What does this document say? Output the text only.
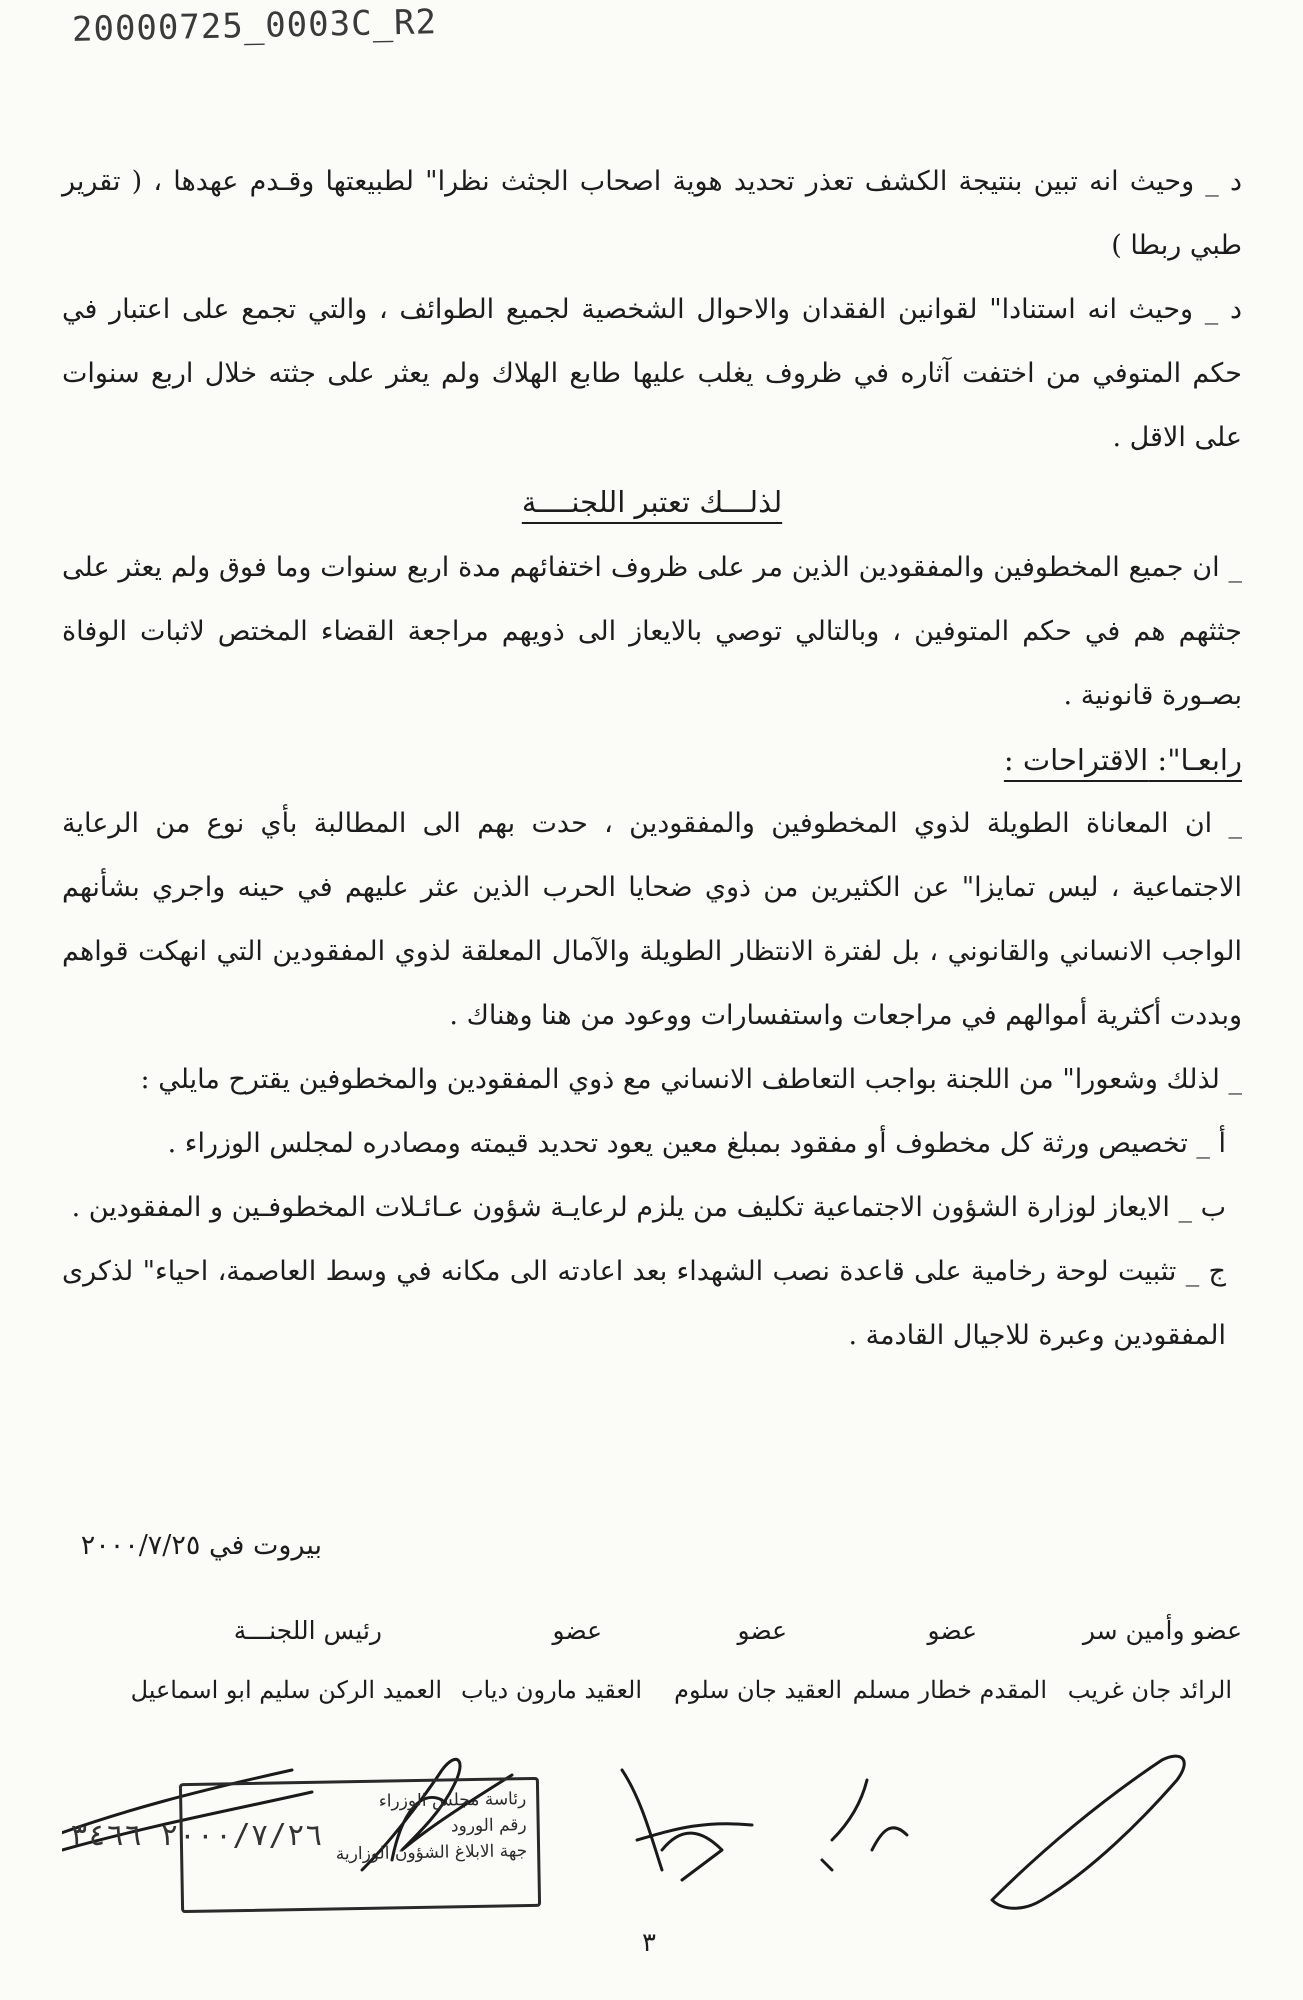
20000725_0003C_R2

د _ وحيث انه تبين بنتيجة الكشف تعذر تحديد هوية اصحاب الجثث نظرا" لطبيعتها وقـدم عهدها ، ( تقرير طبي ربطا )

د _ وحيث انه استنادا" لقوانين الفقدان والاحوال الشخصية لجميع الطوائف ، والتي تجمع على اعتبار في حكم المتوفي من اختفت آثاره في ظروف يغلب عليها طابع الهلاك ولم يعثر على جثته خلال اربع سنوات على الاقل .

لذلـــك تعتبر اللجنــــة

_ ان جميع المخطوفين والمفقودين الذين مر على ظروف اختفائهم مدة اربع سنوات وما فوق ولم يعثر على جثثهم هم في حكم المتوفين ، وبالتالي توصي بالايعاز الى ذويهم مراجعة القضاء المختص لاثبات الوفاة بصـورة قانونية .

رابعـا": الاقتراحات :

_ ان المعاناة الطويلة لذوي المخطوفين والمفقودين ، حدت بهم الى المطالبة بأي نوع من الرعاية الاجتماعية ، ليس تمايزا" عن الكثيرين من ذوي ضحايا الحرب الذين عثر عليهم في حينه واجري بشأنهم الواجب الانساني والقانوني ، بل لفترة الانتظار الطويلة والآمال المعلقة لذوي المفقودين التي انهكت قواهم وبددت أكثرية أموالهم في مراجعات واستفسارات ووعود من هنا وهناك .

_ لذلك وشعورا" من اللجنة بواجب التعاطف الانساني مع ذوي المفقودين والمخطوفين يقترح مايلي :

أ _ تخصيص ورثة كل مخطوف أو مفقود بمبلغ معين يعود تحديد قيمته ومصادره لمجلس الوزراء .

ب _ الايعاز لوزارة الشؤون الاجتماعية تكليف من يلزم لرعايـة شؤون عـائـلات المخطوفـين و المفقودين .

ج _ تثبيت لوحة رخامية على قاعدة نصب الشهداء بعد اعادته الى مكانه في وسط العاصمة، احياء" لذكرى المفقودين وعبرة للاجيال القادمة .

بيروت في ٢٠٠٠/٧/٢٥
عضو وأمين سر
عضو
عضو
عضو
رئيس اللجنـــة
الرائد جان غريب
المقدم خطار مسلم
العقيد جان سلوم
العقيد مارون دياب
العميد الركن سليم ابو اسماعيل
٢٠٠٠/٧/٢٦ ٣٤٦٦
رئاسة مجلس الوزراء
رقم الورود
جهة الابلاغ الشؤون الوزارية
٣
